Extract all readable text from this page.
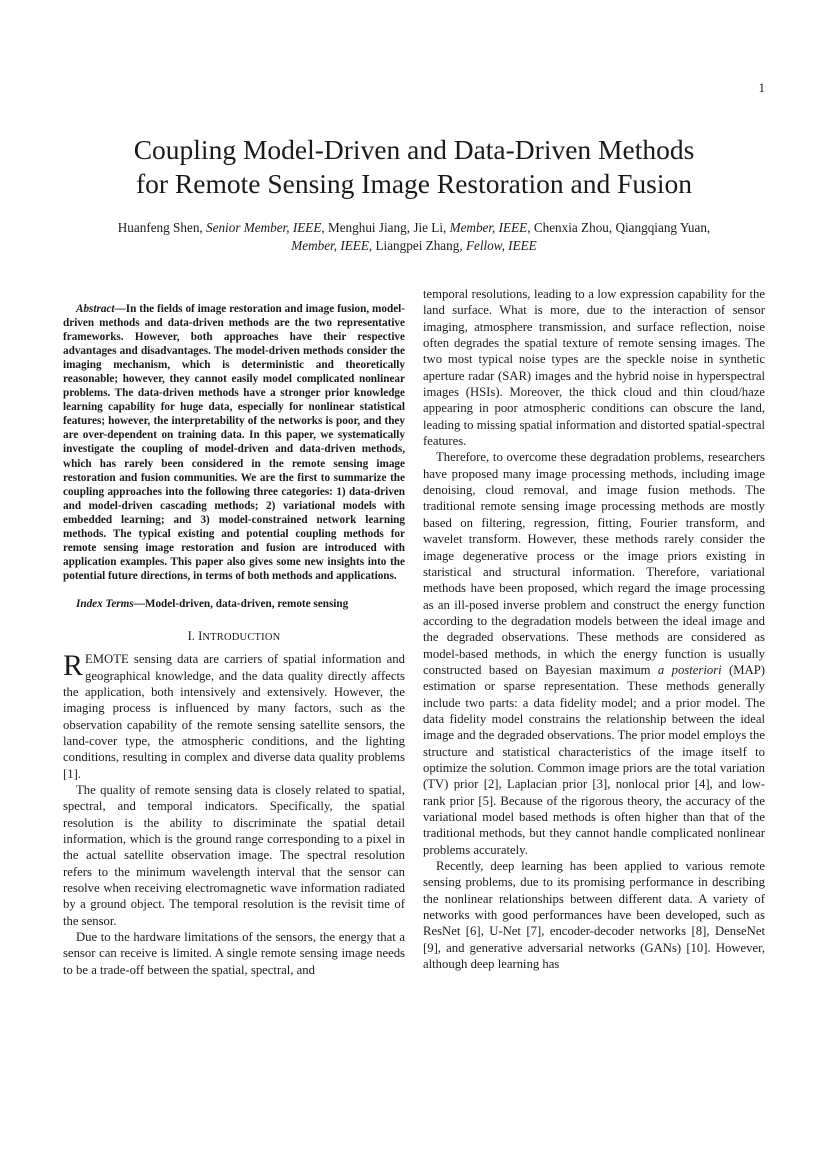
1
Coupling Model-Driven and Data-Driven Methods
for Remote Sensing Image Restoration and Fusion
Huanfeng Shen, Senior Member, IEEE, Menghui Jiang, Jie Li, Member, IEEE, Chenxia Zhou, Qiangqiang Yuan, Member, IEEE, Liangpei Zhang, Fellow, IEEE

Abstract—In the fields of image restoration and image fusion, model-driven methods and data-driven methods are the two representative frameworks. However, both approaches have their respective advantages and disadvantages. The model-driven methods consider the imaging mechanism, which is deterministic and theoretically reasonable; however, they cannot easily model complicated nonlinear problems. The data-driven methods have a stronger prior knowledge learning capability for huge data, especially for nonlinear statistical features; however, the interpretability of the networks is poor, and they are over-dependent on training data. In this paper, we systematically investigate the coupling of model-driven and data-driven methods, which has rarely been considered in the remote sensing image restoration and fusion communities. We are the first to summarize the coupling approaches into the following three categories: 1) data-driven and model-driven cascading methods; 2) variational models with embedded learning; and 3) model-constrained network learning methods. The typical existing and potential coupling methods for remote sensing image restoration and fusion are introduced with application examples. This paper also gives some new insights into the potential future directions, in terms of both methods and applications.

Index Terms—Model-driven, data-driven, remote sensing

I. INTRODUCTION

REMOTE sensing data are carriers of spatial information and geographical knowledge, and the data quality directly affects the application, both intensively and extensively. However, the imaging process is influenced by many factors, such as the observation capability of the remote sensing satellite sensors, the land-cover type, the atmospheric conditions, and the lighting conditions, resulting in complex and diverse data quality problems [1].

The quality of remote sensing data is closely related to spatial, spectral, and temporal indicators. Specifically, the spatial resolution is the ability to discriminate the spatial detail information, which is the ground range corresponding to a pixel in the actual satellite observation image. The spectral resolution refers to the minimum wavelength interval that the sensor can resolve when receiving electromagnetic wave information radiated by a ground object. The temporal resolution is the revisit time of the sensor.

Due to the hardware limitations of the sensors, the energy that a sensor can receive is limited. A single remote sensing image needs to be a trade-off between the spatial, spectral, and

temporal resolutions, leading to a low expression capability for the land surface. What is more, due to the interaction of sensor imaging, atmosphere transmission, and surface reflection, noise often degrades the spatial texture of remote sensing images. The two most typical noise types are the speckle noise in synthetic aperture radar (SAR) images and the hybrid noise in hyperspectral images (HSIs). Moreover, the thick cloud and thin cloud/haze appearing in poor atmospheric conditions can obscure the land, leading to missing spatial information and distorted spatial-spectral features.

Therefore, to overcome these degradation problems, researchers have proposed many image processing methods, including image denoising, cloud removal, and image fusion methods. The traditional remote sensing image processing methods are mostly based on filtering, regression, fitting, Fourier transform, and wavelet transform. However, these methods rarely consider the image degenerative process or the image priors existing in staristical and structural information. Therefore, variational methods have been proposed, which regard the image processing as an ill-posed inverse problem and construct the energy function according to the degradation models between the ideal image and the degraded observations. These methods are considered as model-based methods, in which the energy function is usually constructed based on Bayesian maximum a posteriori (MAP) estimation or sparse representation. These methods generally include two parts: a data fidelity model; and a prior model. The data fidelity model constrains the relationship between the ideal image and the degraded observations. The prior model employs the structure and statistical characteristics of the image itself to optimize the solution. Common image priors are the total variation (TV) prior [2], Laplacian prior [3], nonlocal prior [4], and low-rank prior [5]. Because of the rigorous theory, the accuracy of the variational model based methods is often higher than that of the traditional methods, but they cannot handle complicated nonlinear problems accurately.

Recently, deep learning has been applied to various remote sensing problems, due to its promising performance in describing the nonlinear relationships between different data. A variety of networks with good performances have been developed, such as ResNet [6], U-Net [7], encoder-decoder networks [8], DenseNet [9], and generative adversarial networks (GANs) [10]. However, although deep learning has
